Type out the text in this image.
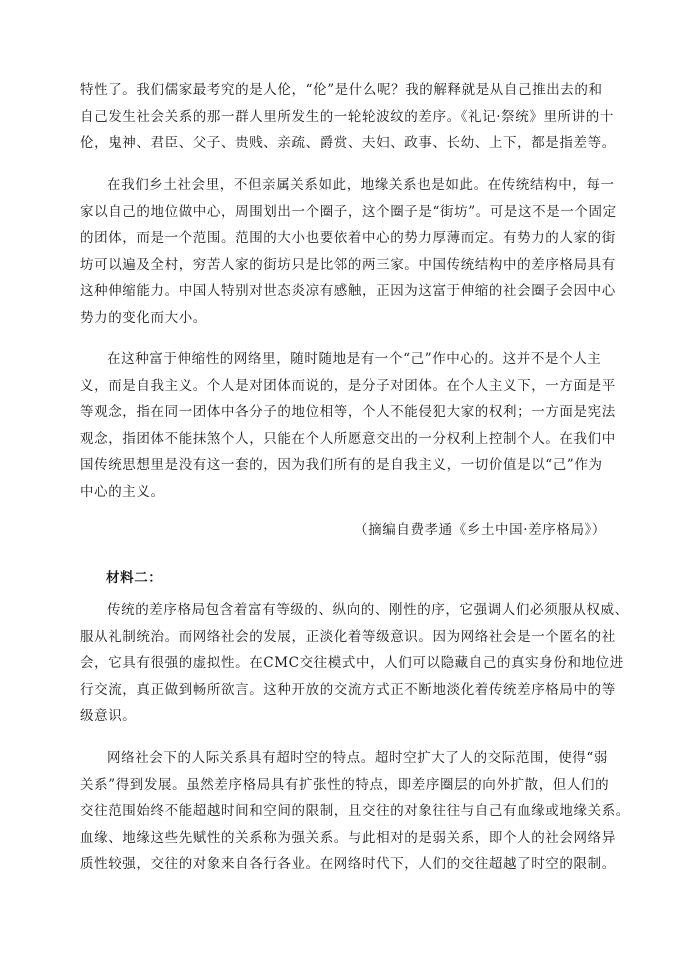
特性了。我们儒家最考究的是人伦，“伦”是什么呢？我的解释就是从自己推出去的和
自己发生社会关系的那一群人里所发生的一轮轮波纹的差序。《礼记·祭统》里所讲的十
伦，鬼神、君臣、父子、贵贱、亲疏、爵赏、夫妇、政事、长幼、上下，都是指差等。
在我们乡土社会里，不但亲属关系如此，地缘关系也是如此。在传统结构中，每一
家以自己的地位做中心，周围划出一个圈子，这个圈子是“街坊”。可是这不是一个固定
的团体，而是一个范围。范围的大小也要依着中心的势力厚薄而定。有势力的人家的街
坊可以遍及全村，穷苦人家的街坊只是比邻的两三家。中国传统结构中的差序格局具有
这种伸缩能力。中国人特别对世态炎凉有感触，正因为这富于伸缩的社会圈子会因中心
势力的变化而大小。
在这种富于伸缩性的网络里，随时随地是有一个“己”作中心的。这并不是个人主
义，而是自我主义。个人是对团体而说的，是分子对团体。在个人主义下，一方面是平
等观念，指在同一团体中各分子的地位相等，个人不能侵犯大家的权利；一方面是宪法
观念，指团体不能抹煞个人，只能在个人所愿意交出的一分权利上控制个人。在我们中
国传统思想里是没有这一套的，因为我们所有的是自我主义，一切价值是以“己”作为
中心的主义。
（摘编自费孝通《乡土中国·差序格局》）
材料二：
传统的差序格局包含着富有等级的、纵向的、刚性的序，它强调人们必须服从权威、
服从礼制统治。而网络社会的发展，正淡化着等级意识。因为网络社会是一个匿名的社
会，它具有很强的虚拟性。在CMC交往模式中，人们可以隐藏自己的真实身份和地位进
行交流，真正做到畅所欲言。这种开放的交流方式正不断地淡化着传统差序格局中的等
级意识。
网络社会下的人际关系具有超时空的特点。超时空扩大了人的交际范围，使得“弱
关系”得到发展。虽然差序格局具有扩张性的特点，即差序圈层的向外扩散，但人们的
交往范围始终不能超越时间和空间的限制，且交往的对象往往与自己有血缘或地缘关系。
血缘、地缘这些先赋性的关系称为强关系。与此相对的是弱关系，即个人的社会网络异
质性较强，交往的对象来自各行各业。在网络时代下，人们的交往超越了时空的限制。
